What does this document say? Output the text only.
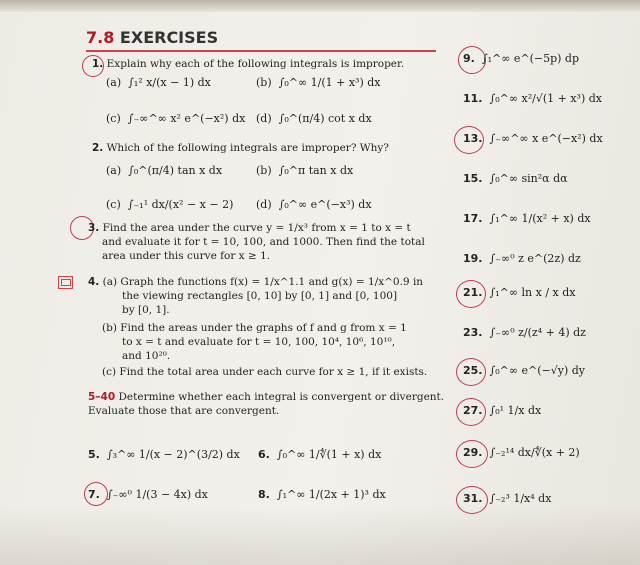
7.8 EXERCISES
1. Explain why each of the following integrals is improper.
(a) ∫₁² x/(x − 1) dx	(b) ∫₀^∞ 1/(1 + x³) dx
(c) ∫₋∞^∞ x² e^(−x²) dx (d) ∫₀^(π/4) cot x dx
2. Which of the following integrals are improper? Why?
(a) ∫₀^(π/4) tan x dx	(b) ∫₀^π tan x dx
(c) ∫₋₁¹ dx/(x² − x − 2) (d) ∫₀^∞ e^(−x³) dx
3. Find the area under the curve y = 1/x³ from x = 1 to x = t
and evaluate it for t = 10, 100, and 1000. Then find the total
area under this curve for x ≥ 1.
4. (a) Graph the functions f(x) = 1/x^1.1 and g(x) = 1/x^0.9 in
the viewing rectangles [0, 10] by [0, 1] and [0, 100]
by [0, 1].
(b) Find the areas under the graphs of f and g from x = 1
to x = t and evaluate for t = 10, 100, 10⁴, 10⁶, 10¹⁰,
and 10²⁰.
(c) Find the total area under each curve for x ≥ 1, if it exists.
5–40 Determine whether each integral is convergent or divergent.
Evaluate those that are convergent.
5. ∫₃^∞ 1/(x − 2)^(3/2) dx 6. ∫₀^∞ 1/∜(1 + x) dx
7. ∫₋∞⁰ 1/(3 − 4x) dx	8. ∫₁^∞ 1/(2x + 1)³ dx
9. ∫₁^∞ e^(−5p) dp
11. ∫₀^∞ x²/√(1 + x³) dx
13. ∫₋∞^∞ x e^(−x²) dx
15. ∫₀^∞ sin²α dα
17. ∫₁^∞ 1/(x² + x) dx
19. ∫₋∞⁰ z e^(2z) dz
21. ∫₁^∞ ln x / x dx
23. ∫₋∞⁰ z/(z⁴ + 4) dz
25. ∫₀^∞ e^(−√y) dy
27. ∫₀¹ 1/x dx
29. ∫₋₂¹⁴ dx/∜(x + 2)
31. ∫₋₂³ 1/x⁴ dx
